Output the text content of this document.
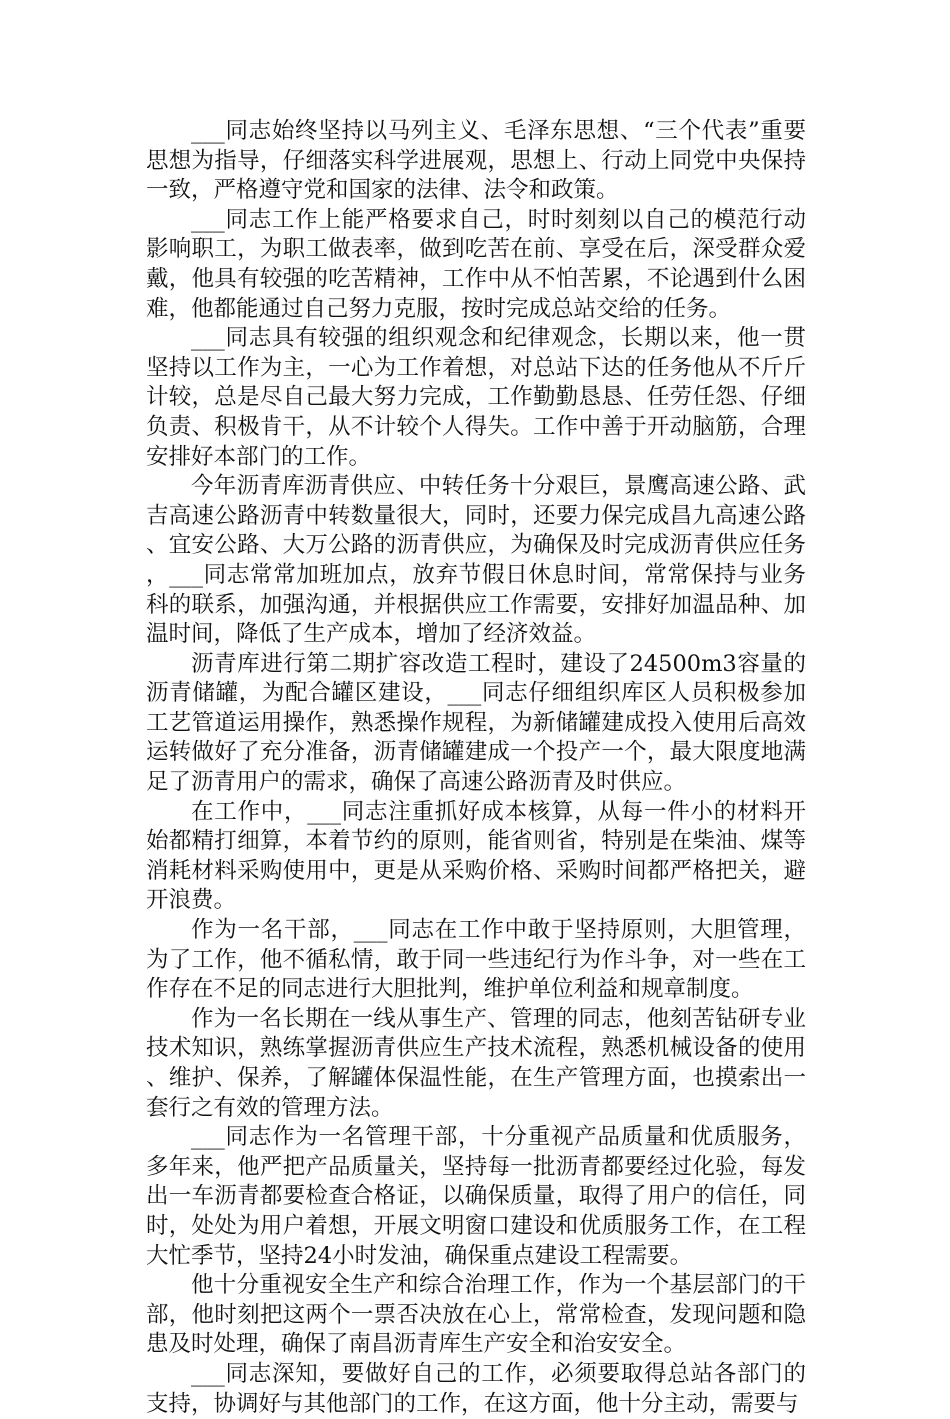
___同志始终坚持以马列主义、毛泽东思想、“三个代表”重要思想为指导，仔细落实科学进展观，思想上、行动上同党中央保持一致，严格遵守党和国家的法律、法令和政策。

___同志工作上能严格要求自己，时时刻刻以自己的模范行动影响职工，为职工做表率，做到吃苦在前、享受在后，深受群众爱戴，他具有较强的吃苦精神，工作中从不怕苦累，不论遇到什么困难，他都能通过自己努力克服，按时完成总站交给的任务。

___同志具有较强的组织观念和纪律观念，长期以来，他一贯坚持以工作为主，一心为工作着想，对总站下达的任务他从不斤斤计较，总是尽自己最大努力完成，工作勤勤恳恳、任劳任怨、仔细负责、积极肯干，从不计较个人得失。工作中善于开动脑筋，合理安排好本部门的工作。

今年沥青库沥青供应、中转任务十分艰巨，景鹰高速公路、武吉高速公路沥青中转数量很大，同时，还要力保完成昌九高速公路、宜安公路、大万公路的沥青供应，为确保及时完成沥青供应任务，___同志常常加班加点，放弃节假日休息时间，常常保持与业务科的联系，加强沟通，并根据供应工作需要，安排好加温品种、加温时间，降低了生产成本，增加了经济效益。

沥青库进行第二期扩容改造工程时，建设了24500m3容量的沥青储罐，为配合罐区建设，___同志仔细组织库区人员积极参加工艺管道运用操作，熟悉操作规程，为新储罐建成投入使用后高效运转做好了充分准备，沥青储罐建成一个投产一个，最大限度地满足了沥青用户的需求，确保了高速公路沥青及时供应。

在工作中，___同志注重抓好成本核算，从每一件小的材料开始都精打细算，本着节约的原则，能省则省，特别是在柴油、煤等消耗材料采购使用中，更是从采购价格、采购时间都严格把关，避开浪费。

作为一名干部，___同志在工作中敢于坚持原则，大胆管理，为了工作，他不循私情，敢于同一些违纪行为作斗争，对一些在工作存在不足的同志进行大胆批判，维护单位利益和规章制度。

作为一名长期在一线从事生产、管理的同志，他刻苦钻研专业技术知识，熟练掌握沥青供应生产技术流程，熟悉机械设备的使用、维护、保养，了解罐体保温性能，在生产管理方面，也摸索出一套行之有效的管理方法。

___同志作为一名管理干部，十分重视产品质量和优质服务，多年来，他严把产品质量关，坚持每一批沥青都要经过化验，每发出一车沥青都要检查合格证，以确保质量，取得了用户的信任，同时，处处为用户着想，开展文明窗口建设和优质服务工作，在工程大忙季节，坚持24小时发油，确保重点建设工程需要。

他十分重视安全生产和综合治理工作，作为一个基层部门的干部，他时刻把这两个一票否决放在心上，常常检查，发现问题和隐患及时处理，确保了南昌沥青库生产安全和治安安全。

___同志深知，要做好自己的工作，必须要取得总站各部门的支持，协调好与其他部门的工作，在这方面，他十分主动，需要与
